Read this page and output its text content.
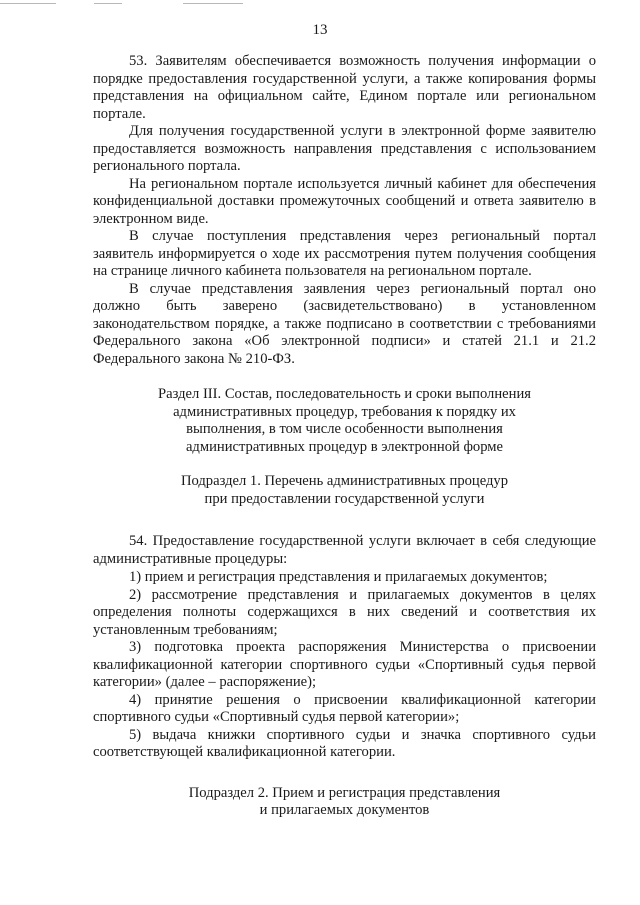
13

53. Заявителям обеспечивается возможность получения информации о порядке предоставления государственной услуги, а также копирования формы представления на официальном сайте, Едином портале или региональном портале.

Для получения государственной услуги в электронной форме заявителю предоставляется возможность направления представления с использованием регионального портала.

На региональном портале используется личный кабинет для обеспечения конфиденциальной доставки промежуточных сообщений и ответа заявителю в электронном виде.

В случае поступления представления через региональный портал заявитель информируется о ходе их рассмотрения путем получения сообщения на странице личного кабинета пользователя на региональном портале.

В случае представления заявления через региональный портал оно должно быть заверено (засвидетельствовано) в установленном законодательством порядке, а также подписано в соответствии с требованиями Федерального закона «Об электронной подписи» и статей 21.1 и 21.2 Федерального закона № 210-ФЗ.

Раздел III. Состав, последовательность и сроки выполнения
административных процедур, требования к порядку их
выполнения, в том числе особенности выполнения
административных процедур в электронной форме
Подраздел 1. Перечень административных процедур
при предоставлении государственной услуги

54. Предоставление государственной услуги включает в себя следующие административные процедуры:

1) прием и регистрация представления и прилагаемых документов;

2) рассмотрение представления и прилагаемых документов в целях определения полноты содержащихся в них сведений и соответствия их установленным требованиям;

3) подготовка проекта распоряжения Министерства о присвоении квалификационной категории спортивного судьи «Спортивный судья первой категории» (далее – распоряжение);

4) принятие решения о присвоении квалификационной категории спортивного судьи «Спортивный судья первой категории»;

5) выдача книжки спортивного судьи и значка спортивного судьи соответствующей квалификационной категории.

Подраздел 2. Прием и регистрация представления
и прилагаемых документов
